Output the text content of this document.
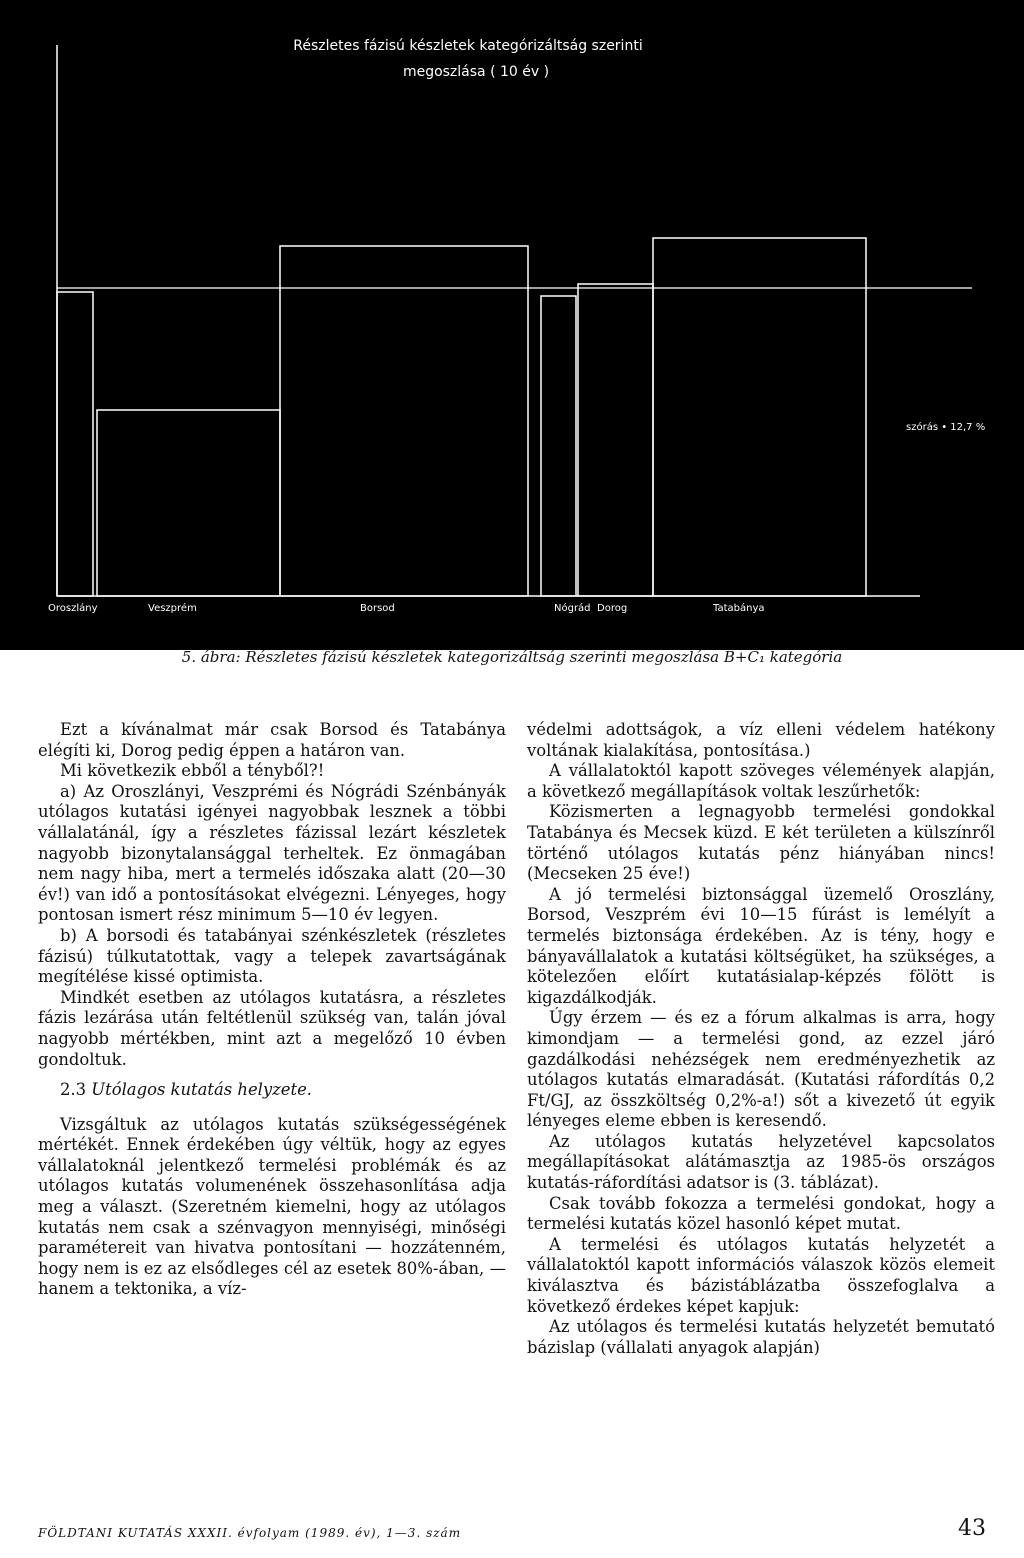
Részletes fázisú készletek kategórizáltság szerinti
megoszlása ( 10 év )
szórás • 12,7 %
Oroszlány	Veszprém	Borsod	Nógrád Dorog	Tatabánya
5. ábra: Részletes fázisú készletek kategorizáltság szerinti megoszlása B+C₁ kategória

Ezt a kívánalmat már csak Borsod és Tatabánya elégíti ki, Dorog pedig éppen a határon van.

Mi következik ebből a tényből?!

a) Az Oroszlányi, Veszprémi és Nógrádi Szénbányák utólagos kutatási igényei nagyobbak lesznek a többi vállalatánál, így a részletes fázissal lezárt készletek nagyobb bizonytalansággal terheltek. Ez önmagában nem nagy hiba, mert a termelés időszaka alatt (20—30 év!) van idő a pontosításokat elvégezni. Lényeges, hogy pontosan ismert rész minimum 5—10 év legyen.

b) A borsodi és tatabányai szénkészletek (részletes fázisú) túlkutatottak, vagy a telepek zavartságának megítélése kissé optimista.

Mindkét esetben az utólagos kutatásra, a részletes fázis lezárása után feltétlenül szükség van, talán jóval nagyobb mértékben, mint azt a megelőző 10 évben gondoltuk.

2.3 Utólagos kutatás helyzete.

Vizsgáltuk az utólagos kutatás szükségességének mértékét. Ennek érdekében úgy véltük, hogy az egyes vállalatoknál jelentkező termelési problémák és az utólagos kutatás volumenének összehasonlítása adja meg a választ. (Szeretném kiemelni, hogy az utólagos kutatás nem csak a szénvagyon mennyiségi, minőségi paramétereit van hivatva pontosítani — hozzátenném, hogy nem is ez az elsődleges cél az esetek 80%-ában, — hanem a tektonika, a víz-

védelmi adottságok, a víz elleni védelem hatékony voltának kialakítása, pontosítása.)

A vállalatoktól kapott szöveges vélemények alapján, a következő megállapítások voltak leszűrhetők:

Közismerten a legnagyobb termelési gondokkal Tatabánya és Mecsek küzd. E két területen a külszínről történő utólagos kutatás pénz hiányában nincs! (Mecseken 25 éve!)

A jó termelési biztonsággal üzemelő Oroszlány, Borsod, Veszprém évi 10—15 fúrást is lemélyít a termelés biztonsága érdekében. Az is tény, hogy e bányavállalatok a kutatási költségüket, ha szükséges, a kötelezően előírt kutatásialap-képzés fölött is kigazdálkodják.

Úgy érzem — és ez a fórum alkalmas is arra, hogy kimondjam — a termelési gond, az ezzel járó gazdálkodási nehézségek nem eredményezhetik az utólagos kutatás elmaradását. (Kutatási ráfordítás 0,2 Ft/GJ, az összköltség 0,2%-a!) sőt a kivezető út egyik lényeges eleme ebben is keresendő.

Az utólagos kutatás helyzetével kapcsolatos megállapításokat alátámasztja az 1985-ös országos kutatás-ráfordítási adatsor is (3. táblázat).

Csak tovább fokozza a termelési gondokat, hogy a termelési kutatás közel hasonló képet mutat.

A termelési és utólagos kutatás helyzetét a vállalatoktól kapott információs válaszok közös elemeit kiválasztva és bázistáblázatba összefoglalva a következő érdekes képet kapjuk:

Az utólagos és termelési kutatás helyzetét bemutató bázislap (vállalati anyagok alapján)

FÖLDTANI KUTATÁS XXXII. évfolyam (1989. év), 1—3. szám	43
